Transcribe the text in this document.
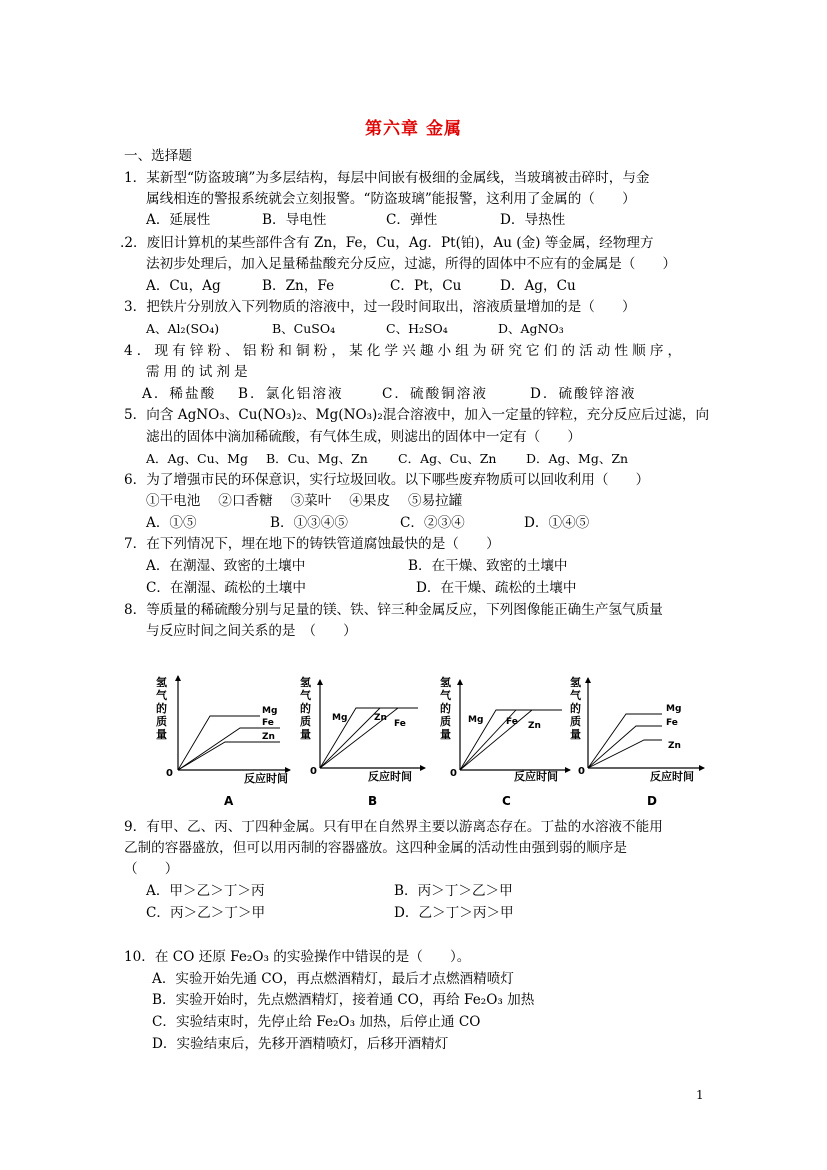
第六章 金属
一、选择题
1．某新型“防盗玻璃”为多层结构，每层中间嵌有极细的金属线，当玻璃被击碎时，与金
属线相连的警报系统就会立刻报警。“防盗玻璃”能报警，这利用了金属的（　　）
A．延展性	B．导电性	C．弹性	D．导热性
.2．废旧计算机的某些部件含有 Zn，Fe，Cu，Ag．Pt(铂)，Au (金) 等金属，经物理方
法初步处理后，加入足量稀盐酸充分反应，过滤，所得的固体中不应有的金属是（　　）
A．Cu，Ag	B．Zn，Fe	C．Pt，Cu	D．Ag，Cu
3．把铁片分别放入下列物质的溶液中，过一段时间取出，溶液质量增加的是（　　）
A、Al₂(SO₄)	B、CuSO₄	C、H₂SO₄	D、AgNO₃
4．现有锌粉、铝粉和铜粉，某化学兴趣小组为研究它们的活动性顺序，
需用的试剂是
A．稀盐酸 B．氯化铝溶液	C．硫酸铜溶液	D．硫酸锌溶液
5．向含 AgNO₃、Cu(NO₃)₂、Mg(NO₃)₂混合溶液中，加入一定量的锌粒，充分反应后过滤，向
滤出的固体中滴加稀硫酸，有气体生成，则滤出的固体中一定有（　　）
A．Ag、Cu、Mg B．Cu、Mg、Zn C．Ag、Cu、Zn D．Ag、Mg、Zn
6．为了增强市民的环保意识，实行垃圾回收。以下哪些废弃物质可以回收利用（　　）
①干电池　 ②口香糖　 ③菜叶　 ④果皮　 ⑤易拉罐
A．①⑤	B．①③④⑤	C．②③④	D．①④⑤
7．在下列情况下，埋在地下的铸铁管道腐蚀最快的是（　　）
A．在潮湿、致密的土壤中	B．在干燥、致密的土壤中
C．在潮湿、疏松的土壤中	D．在干燥、疏松的土壤中
8．等质量的稀硫酸分别与足量的镁、铁、锌三种金属反应，下列图像能正确生产氢气质量
与反应时间之间关系的是　（　　）
氢 气 的 质 量
Mg
Fe
Zn
0	反应时间
A
氢 气 的 质 量
Mg	Zn
Fe
0	反应时间
B
氢 气 的 质 量
Mg	Fe Zn
0	反应时间
C
氢 气 的 质 量
Mg
Fe
Zn
0	反应时间
D
9．有甲、乙、丙、丁四种金属。只有甲在自然界主要以游离态存在。丁盐的水溶液不能用
乙制的容器盛放，但可以用丙制的容器盛放。这四种金属的活动性由强到弱的顺序是
（　　）
A．甲＞乙＞丁＞丙	B．丙＞丁＞乙＞甲
C．丙＞乙＞丁＞甲	D．乙＞丁＞丙＞甲
10．在 CO 还原 Fe₂O₃ 的实验操作中错误的是（　　）。
A．实验开始先通 CO，再点燃酒精灯，最后才点燃酒精喷灯
B．实验开始时，先点燃酒精灯，接着通 CO，再给 Fe₂O₃ 加热
C．实验结束时，先停止给 Fe₂O₃ 加热，后停止通 CO
D．实验结束后，先移开酒精喷灯，后移开酒精灯
1
